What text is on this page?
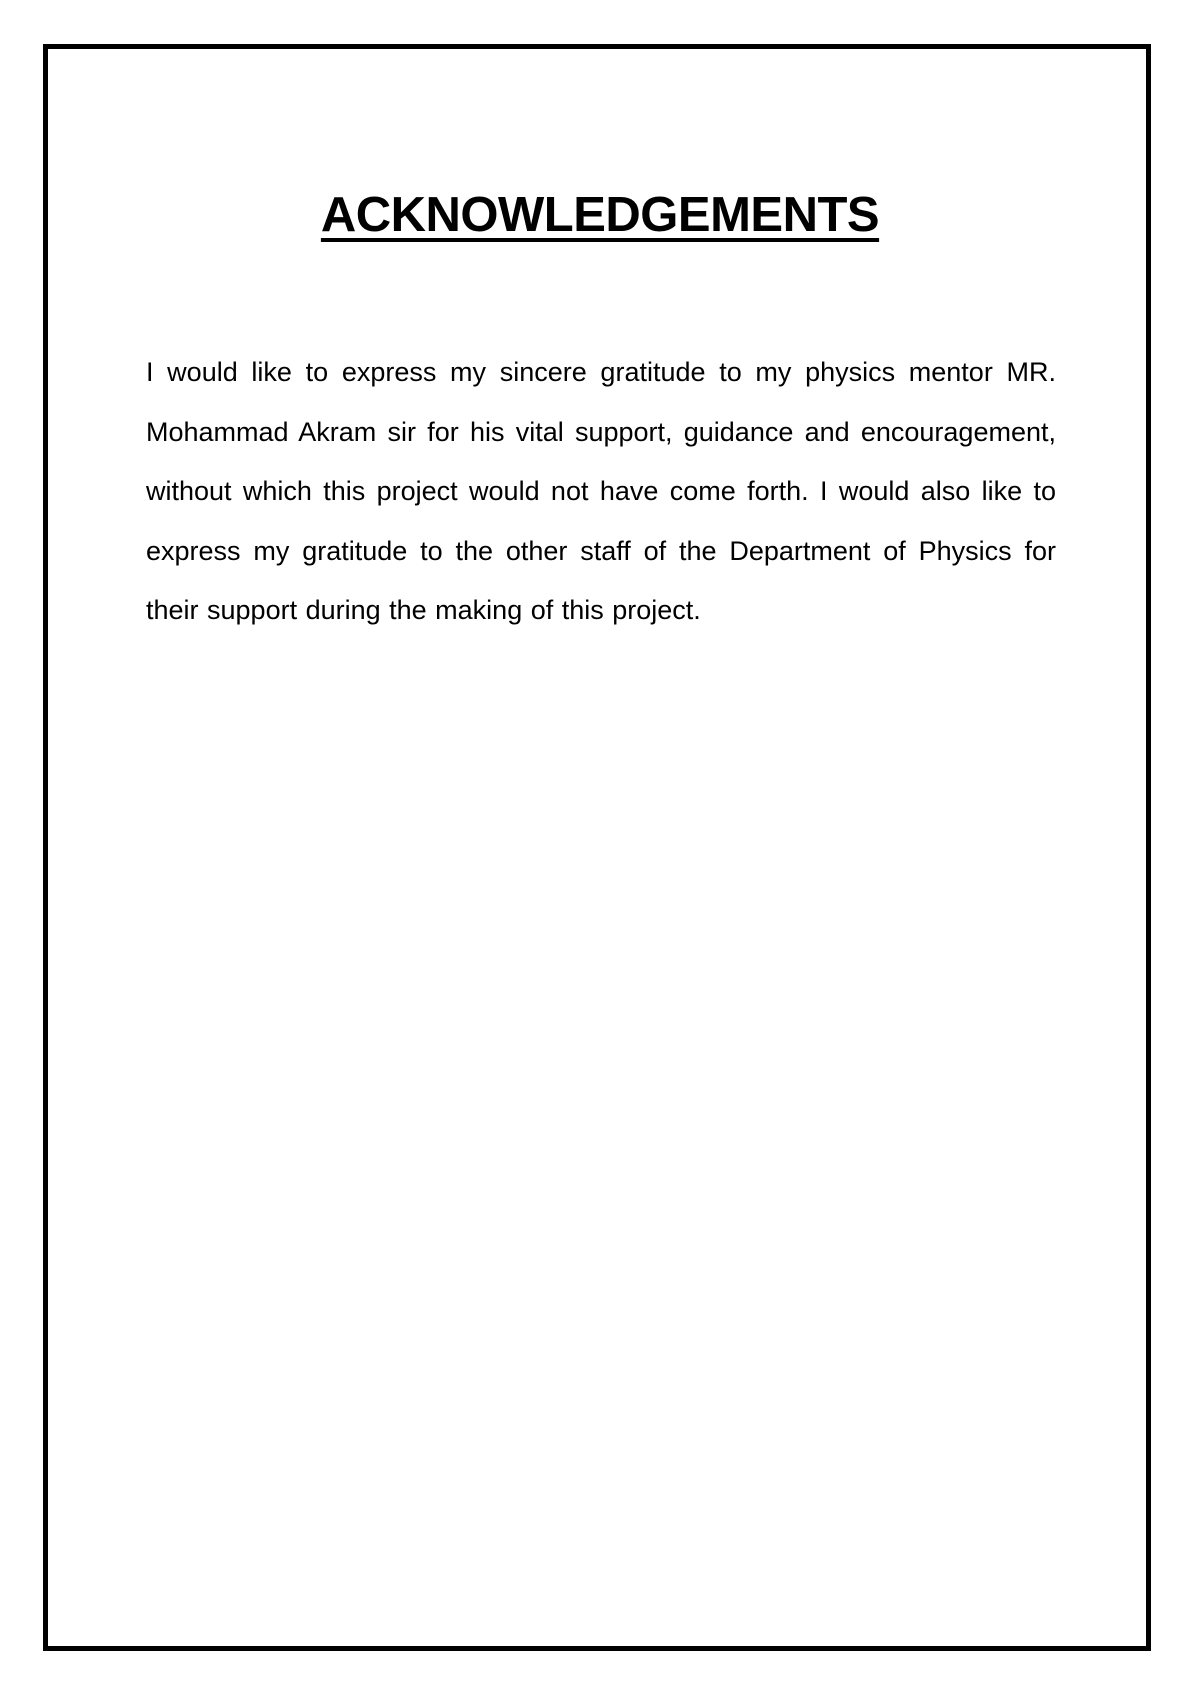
ACKNOWLEDGEMENTS

I would like to express my sincere gratitude to my physics mentor MR. Mohammad Akram sir for his vital support, guidance and encouragement, without which this project would not have come forth. I would also like to express my gratitude to the other staff of the Department of Physics for their support during the making of this project.
